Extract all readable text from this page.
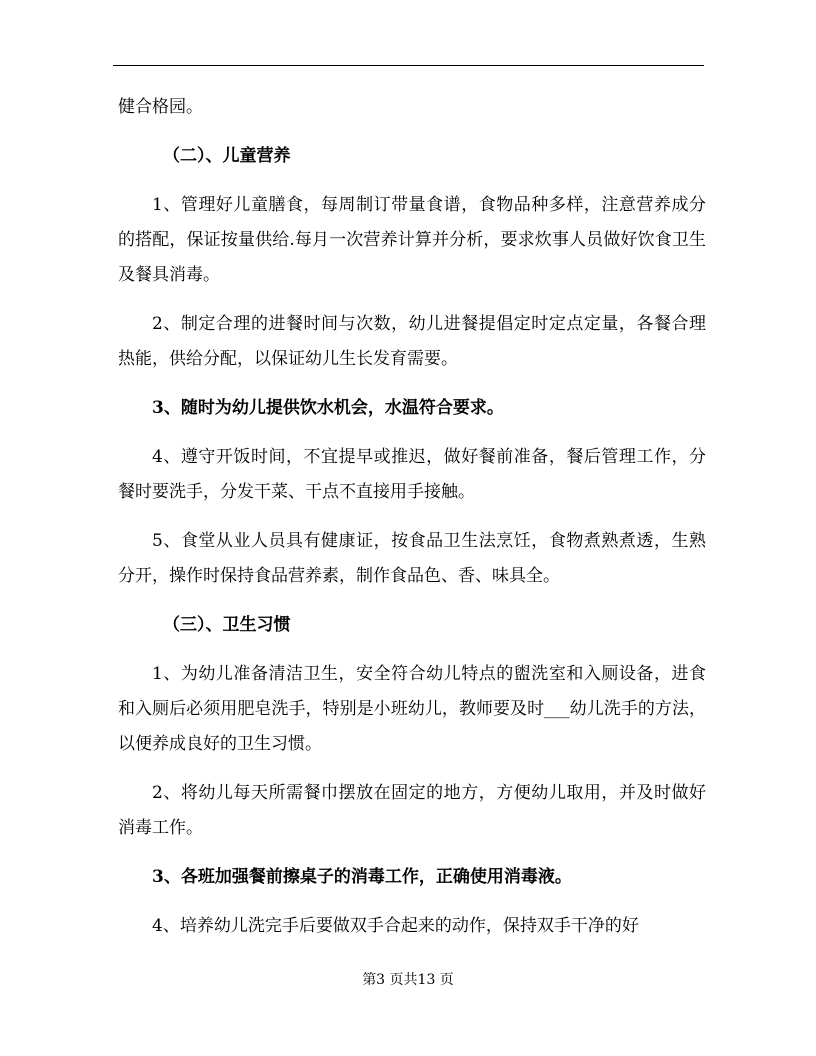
健合格园。

（二）、儿童营养

1、管理好儿童膳食，每周制订带量食谱，食物品种多样，注意营养成分的搭配，保证按量供给.每月一次营养计算并分析，要求炊事人员做好饮食卫生及餐具消毒。

2、制定合理的进餐时间与次数，幼儿进餐提倡定时定点定量，各餐合理热能，供给分配，以保证幼儿生长发育需要。

3、随时为幼儿提供饮水机会，水温符合要求。

4、遵守开饭时间，不宜提早或推迟，做好餐前准备，餐后管理工作，分餐时要洗手，分发干菜、干点不直接用手接触。

5、食堂从业人员具有健康证，按食品卫生法烹饪，食物煮熟煮透，生熟分开，操作时保持食品营养素，制作食品色、香、味具全。

（三）、卫生习惯

1、为幼儿准备清洁卫生，安全符合幼儿特点的盥洗室和入厕设备，进食和入厕后必须用肥皂洗手，特别是小班幼儿，教师要及时___幼儿洗手的方法，以便养成良好的卫生习惯。

2、将幼儿每天所需餐巾摆放在固定的地方，方便幼儿取用，并及时做好消毒工作。

3、各班加强餐前擦桌子的消毒工作，正确使用消毒液。

4、培养幼儿洗完手后要做双手合起来的动作，保持双手干净的好

第3 页共13 页
